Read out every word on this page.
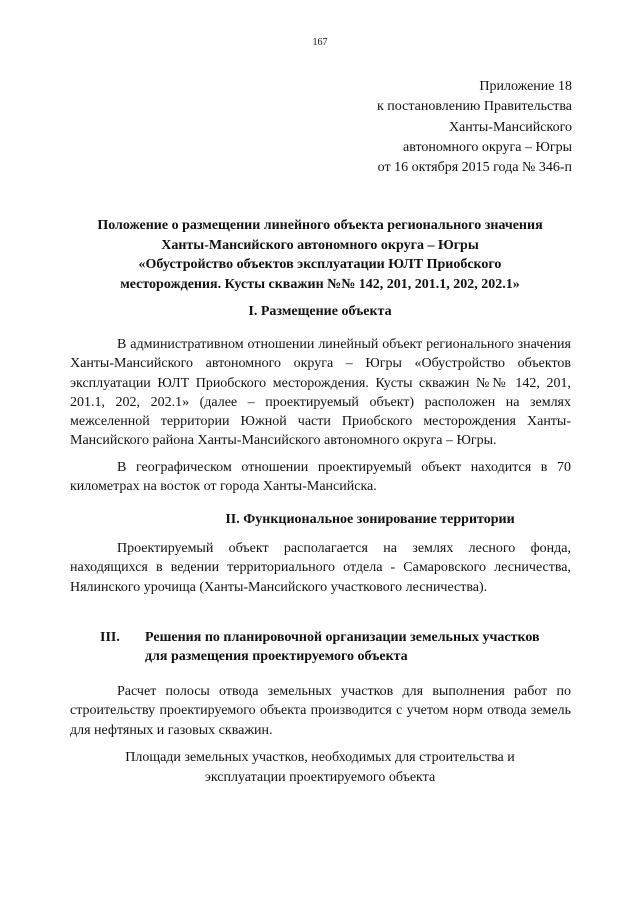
167
Приложение 18
к постановлению Правительства
Ханты-Мансийского
автономного округа – Югры
от 16 октября 2015 года № 346-п
Положение о размещении линейного объекта регионального значения
Ханты-Мансийского автономного округа – Югры
«Обустройство объектов эксплуатации ЮЛТ Приобского
месторождения. Кусты скважин №№ 142, 201, 201.1, 202, 202.1»
I. Размещение объекта

В административном отношении линейный объект регионального значения Ханты-Мансийского автономного округа – Югры «Обустройство объектов эксплуатации ЮЛТ Приобского месторождения. Кусты скважин №№ 142, 201, 201.1, 202, 202.1» (далее – проектируемый объект) расположен на землях межселенной территории Южной части Приобского месторождения Ханты-Мансийского района Ханты-Мансийского автономного округа – Югры.

В географическом отношении проектируемый объект находится в 70 километрах на восток от города Ханты-Мансийска.

II. Функциональное зонирование территории

Проектируемый объект располагается на землях лесного фонда, находящихся в ведении территориального отдела - Самаровского лесничества, Нялинского урочища (Ханты-Мансийского участкового лесничества).

III. Решения по планировочной организации земельных участков
для размещения проектируемого объекта

Расчет полосы отвода земельных участков для выполнения работ по строительству проектируемого объекта производится с учетом норм отвода земель для нефтяных и газовых скважин.

Площади земельных участков, необходимых для строительства и
эксплуатации проектируемого объекта
